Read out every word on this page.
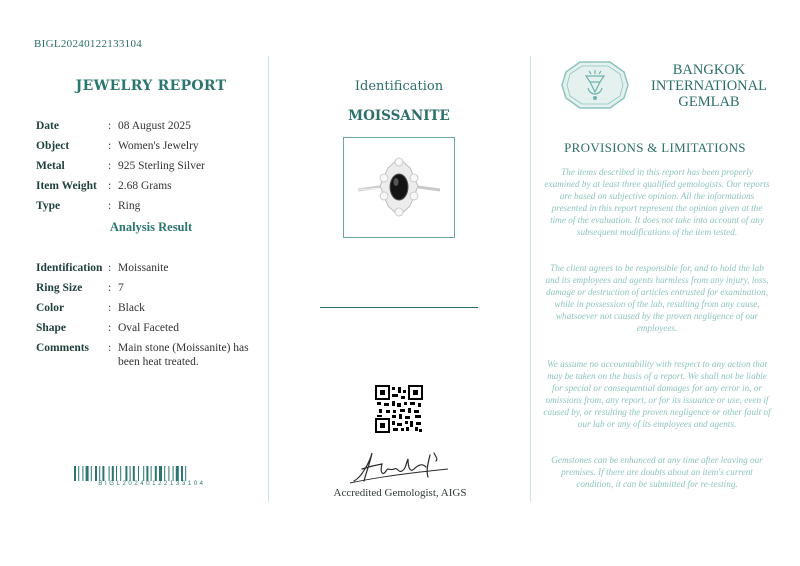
BIGL20240122133104
JEWELRY REPORT
Date	: 08 August 2025
Object	: Women's Jewelry
Metal	: 925 Sterling Silver
Item Weight : 2.68 Grams
Type	: Ring
Analysis Result
Identification : Moissanite
Ring Size	: 7
Color	: Black
Shape	: Oval Faceted
Comments	: Main stone (Moissanite) has been heat treated.
BIGL20240122133104
Identification
MOISSANITE
Accredited Gemologist, AIGS
BANGKOK
INTERNATIONAL
GEMLAB
PROVISIONS & LIMITATIONS
The items described in this report has been properly examined by at least three qualified gemologists. Our reports are based on subjective opinion. All the informations presented in this report represent the opinion given at the time of the evaluation. It does not take into account of any subsequent modifications of the item tested.
The client agrees to be responsible for, and to hold the lab and its employees and agents harmless from any injury, loss, damage or destruction of articles entrusted for examination, while in possession of the lab, resulting from any cause, whatsoever not caused by the proven negligence of our employees.
We assume no accountability with respect to any action that may be taken on the basis of a report. We shall not be liable for special or consequential damages for any error in, or omissions from, any report, or for its issuance or use, even if caused by, or resulting the proven negligence or other fault of our lab or any of its employees and agents.
Gemstones can be enhanced at any time after leaving our premises. If there are doubts about an item's current condition, it can be submitted for re-testing.
